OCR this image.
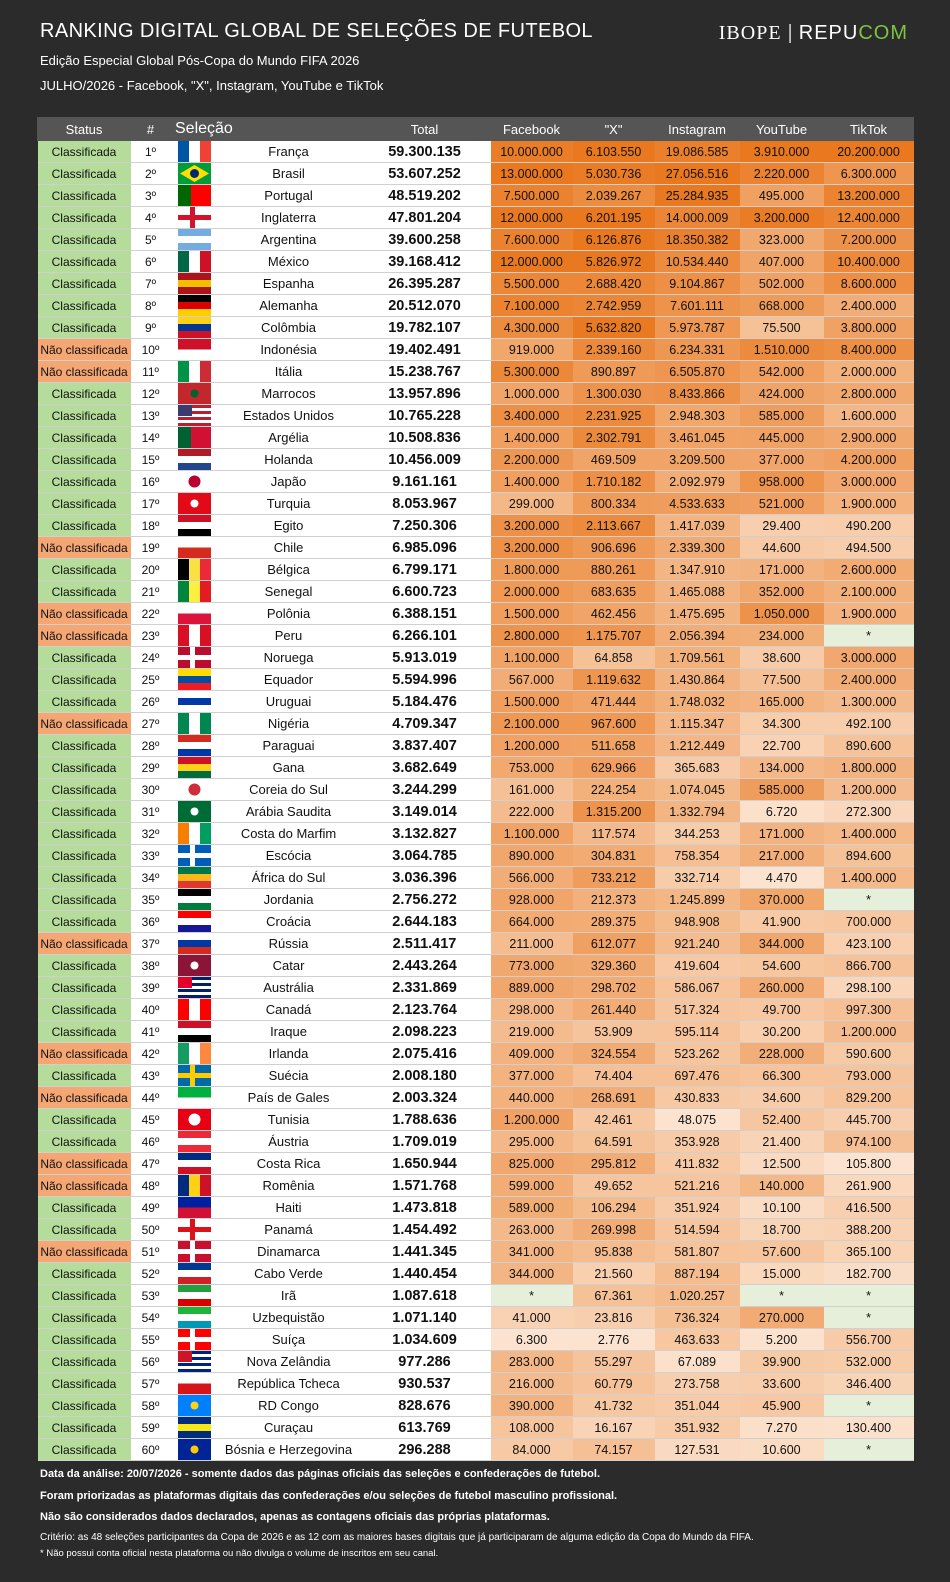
RANKING DIGITAL GLOBAL DE SELEÇÕES DE FUTEBOL
Edição Especial Global Pós-Copa do Mundo FIFA 2026
JULHO/2026 - Facebook, "X", Instagram, YouTube e TikTok
IBOPE | REPUCOM
Status	#	Seleção		Total	Facebook	"X"	Instagram	YouTube	TikTok
Classificada	1º		França	59.300.135	10.000.000	6.103.550	19.086.585	3.910.000	20.200.000
Classificada	2º		Brasil	53.607.252	13.000.000	5.030.736	27.056.516	2.220.000	6.300.000
Classificada	3º		Portugal	48.519.202	7.500.000	2.039.267	25.284.935	495.000	13.200.000
Classificada	4º		Inglaterra	47.801.204	12.000.000	6.201.195	14.000.009	3.200.000	12.400.000
Classificada	5º		Argentina	39.600.258	7.600.000	6.126.876	18.350.382	323.000	7.200.000
Classificada	6º		México	39.168.412	12.000.000	5.826.972	10.534.440	407.000	10.400.000
Classificada	7º		Espanha	26.395.287	5.500.000	2.688.420	9.104.867	502.000	8.600.000
Classificada	8º		Alemanha	20.512.070	7.100.000	2.742.959	7.601.111	668.000	2.400.000
Classificada	9º		Colômbia	19.782.107	4.300.000	5.632.820	5.973.787	75.500	3.800.000
Não classificada	10º		Indonésia	19.402.491	919.000	2.339.160	6.234.331	1.510.000	8.400.000
Não classificada	11º		Itália	15.238.767	5.300.000	890.897	6.505.870	542.000	2.000.000
Classificada	12º		Marrocos	13.957.896	1.000.000	1.300.030	8.433.866	424.000	2.800.000
Classificada	13º		Estados Unidos	10.765.228	3.400.000	2.231.925	2.948.303	585.000	1.600.000
Classificada	14º		Argélia	10.508.836	1.400.000	2.302.791	3.461.045	445.000	2.900.000
Classificada	15º		Holanda	10.456.009	2.200.000	469.509	3.209.500	377.000	4.200.000
Classificada	16º		Japão	9.161.161	1.400.000	1.710.182	2.092.979	958.000	3.000.000
Classificada	17º		Turquia	8.053.967	299.000	800.334	4.533.633	521.000	1.900.000
Classificada	18º		Egito	7.250.306	3.200.000	2.113.667	1.417.039	29.400	490.200
Não classificada	19º		Chile	6.985.096	3.200.000	906.696	2.339.300	44.600	494.500
Classificada	20º		Bélgica	6.799.171	1.800.000	880.261	1.347.910	171.000	2.600.000
Classificada	21º		Senegal	6.600.723	2.000.000	683.635	1.465.088	352.000	2.100.000
Não classificada	22º		Polônia	6.388.151	1.500.000	462.456	1.475.695	1.050.000	1.900.000
Não classificada	23º		Peru	6.266.101	2.800.000	1.175.707	2.056.394	234.000	*
Classificada	24º		Noruega	5.913.019	1.100.000	64.858	1.709.561	38.600	3.000.000
Classificada	25º		Equador	5.594.996	567.000	1.119.632	1.430.864	77.500	2.400.000
Classificada	26º		Uruguai	5.184.476	1.500.000	471.444	1.748.032	165.000	1.300.000
Não classificada	27º		Nigéria	4.709.347	2.100.000	967.600	1.115.347	34.300	492.100
Classificada	28º		Paraguai	3.837.407	1.200.000	511.658	1.212.449	22.700	890.600
Classificada	29º		Gana	3.682.649	753.000	629.966	365.683	134.000	1.800.000
Classificada	30º		Coreia do Sul	3.244.299	161.000	224.254	1.074.045	585.000	1.200.000
Classificada	31º		Arábia Saudita	3.149.014	222.000	1.315.200	1.332.794	6.720	272.300
Classificada	32º		Costa do Marfim	3.132.827	1.100.000	117.574	344.253	171.000	1.400.000
Classificada	33º		Escócia	3.064.785	890.000	304.831	758.354	217.000	894.600
Classificada	34º		África do Sul	3.036.396	566.000	733.212	332.714	4.470	1.400.000
Classificada	35º		Jordania	2.756.272	928.000	212.373	1.245.899	370.000	*
Classificada	36º		Croácia	2.644.183	664.000	289.375	948.908	41.900	700.000
Não classificada	37º		Rússia	2.511.417	211.000	612.077	921.240	344.000	423.100
Classificada	38º		Catar	2.443.264	773.000	329.360	419.604	54.600	866.700
Classificada	39º		Austrália	2.331.869	889.000	298.702	586.067	260.000	298.100
Classificada	40º		Canadá	2.123.764	298.000	261.440	517.324	49.700	997.300
Classificada	41º		Iraque	2.098.223	219.000	53.909	595.114	30.200	1.200.000
Não classificada	42º		Irlanda	2.075.416	409.000	324.554	523.262	228.000	590.600
Classificada	43º		Suécia	2.008.180	377.000	74.404	697.476	66.300	793.000
Não classificada	44º		País de Gales	2.003.324	440.000	268.691	430.833	34.600	829.200
Classificada	45º		Tunisia	1.788.636	1.200.000	42.461	48.075	52.400	445.700
Classificada	46º		Áustria	1.709.019	295.000	64.591	353.928	21.400	974.100
Não classificada	47º		Costa Rica	1.650.944	825.000	295.812	411.832	12.500	105.800
Não classificada	48º		Romênia	1.571.768	599.000	49.652	521.216	140.000	261.900
Classificada	49º		Haiti	1.473.818	589.000	106.294	351.924	10.100	416.500
Classificada	50º		Panamá	1.454.492	263.000	269.998	514.594	18.700	388.200
Não classificada	51º		Dinamarca	1.441.345	341.000	95.838	581.807	57.600	365.100
Classificada	52º		Cabo Verde	1.440.454	344.000	21.560	887.194	15.000	182.700
Classificada	53º		Irã	1.087.618	*	67.361	1.020.257	*	*
Classificada	54º		Uzbequistão	1.071.140	41.000	23.816	736.324	270.000	*
Classificada	55º		Suíça	1.034.609	6.300	2.776	463.633	5.200	556.700
Classificada	56º		Nova Zelândia	977.286	283.000	55.297	67.089	39.900	532.000
Classificada	57º		República Tcheca	930.537	216.000	60.779	273.758	33.600	346.400
Classificada	58º		RD Congo	828.676	390.000	41.732	351.044	45.900	*
Classificada	59º		Curaçau	613.769	108.000	16.167	351.932	7.270	130.400
Classificada	60º		Bósnia e Herzegovina	296.288	84.000	74.157	127.531	10.600	*
Data da análise: 20/07/2026 - somente dados das páginas oficiais das seleções e confederações de futebol.
Foram priorizadas as plataformas digitais das confederações e/ou seleções de futebol masculino profissional.
Não são considerados dados declarados, apenas as contagens oficiais das próprias plataformas.
Critério: as 48 seleções participantes da Copa de 2026 e as 12 com as maiores bases digitais que já participaram de alguma edição da Copa do Mundo da FIFA.
* Não possui conta oficial nesta plataforma ou não divulga o volume de inscritos em seu canal.
